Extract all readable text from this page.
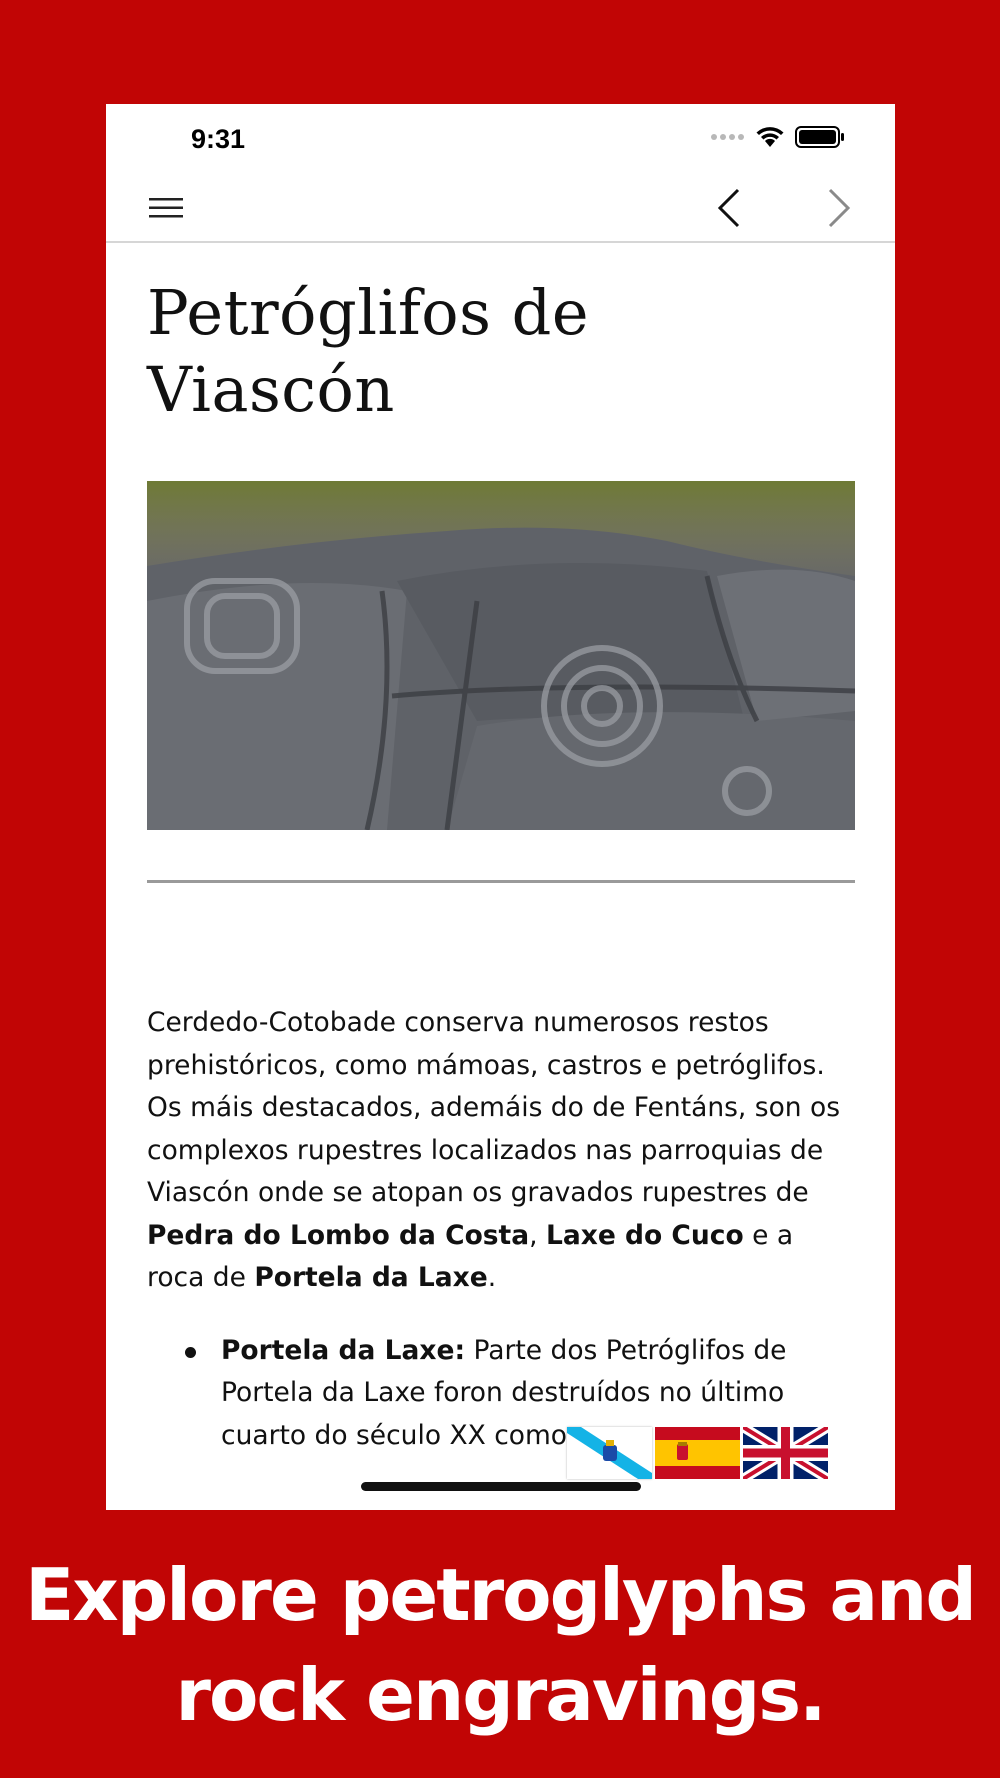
9:31
Petróglifos de
Viascón

Cerdedo-Cotobade conserva numerosos restos prehistóricos, como mámoas, castros e petróglifos. Os máis destacados, ademáis do de Fentáns, son os complexos rupestres localizados nas parroquias de Viascón onde se atopan os gravados rupestres de Pedra do Lombo da Costa, Laxe do Cuco e a roca de Portela da Laxe.

Portela da Laxe: Parte dos Petróglifos de Portela da Laxe foron destruídos no último cuarto do século XX como
Explore petroglyphs and
rock engravings.
